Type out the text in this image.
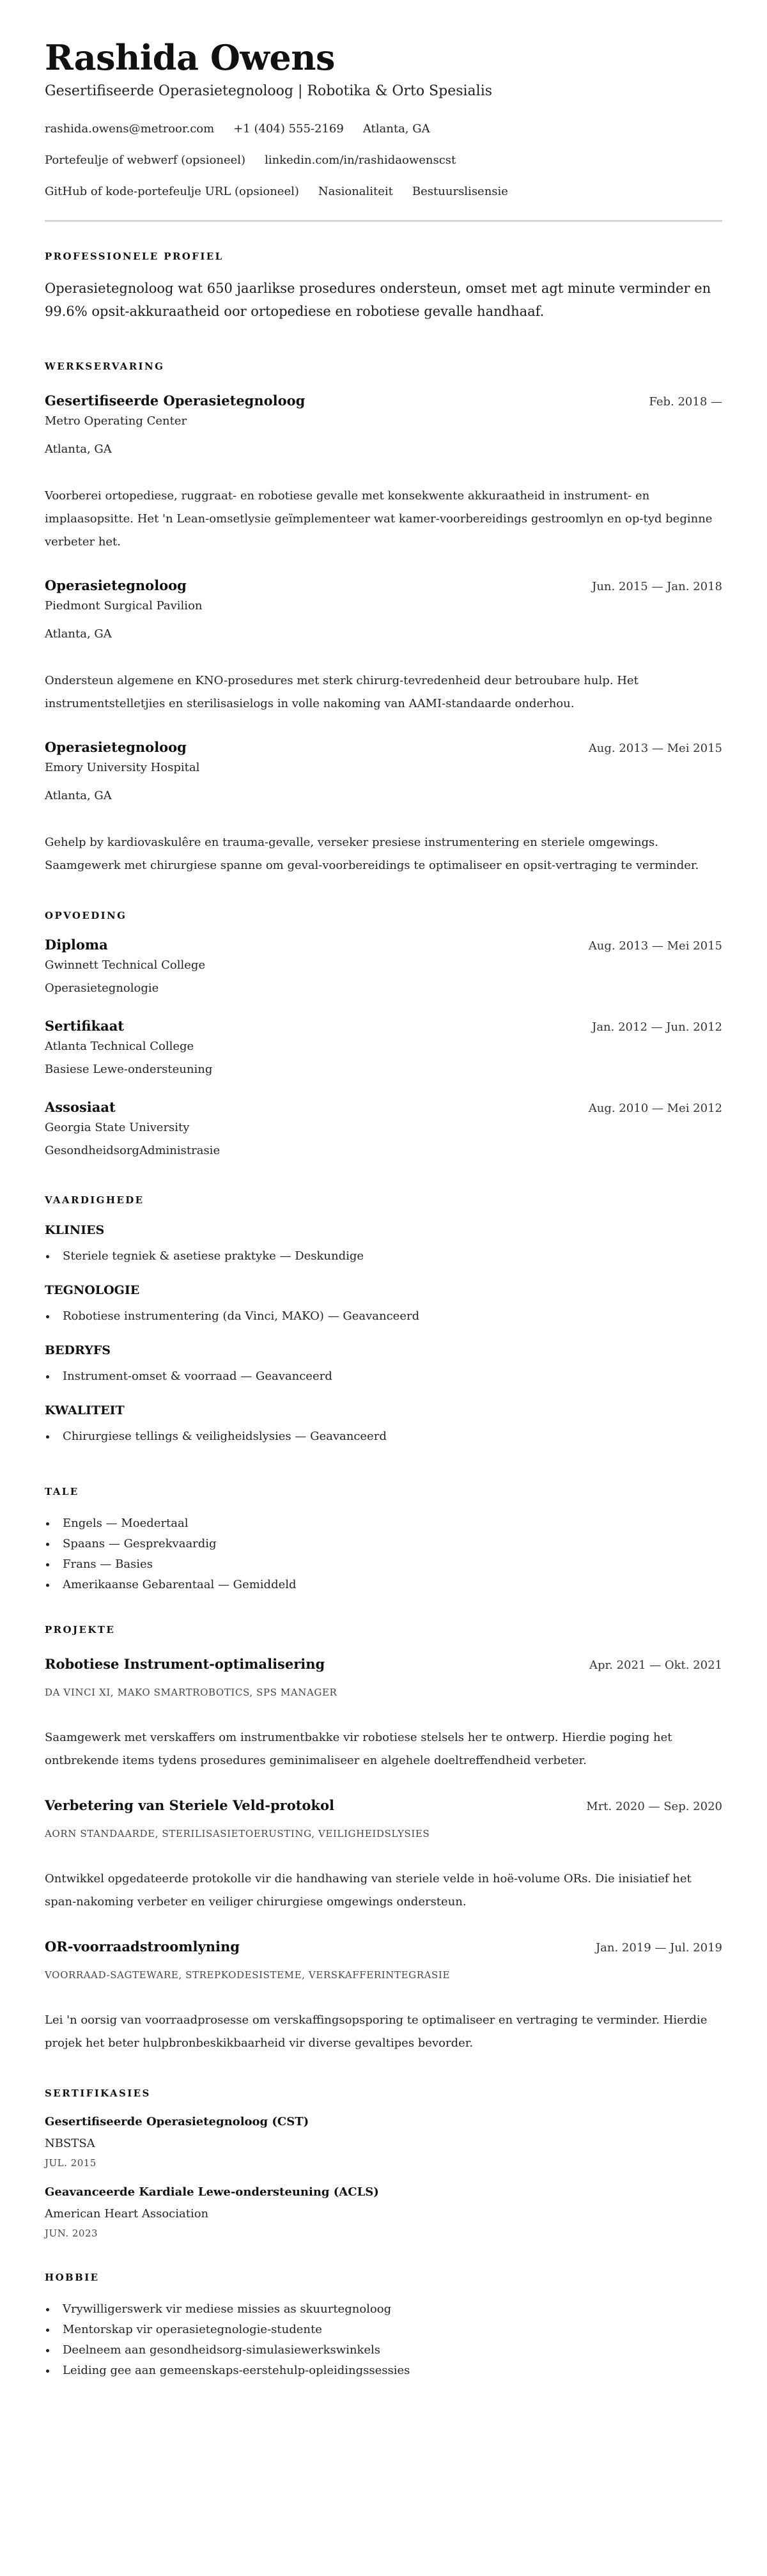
Rashida Owens
Gesertifiseerde Operasietegnoloog | Robotika & Orto Spesialis
rashida.owens@metroor.com +1 (404) 555-2169 Atlanta, GA
Portefeulje of webwerf (opsioneel) linkedin.com/in/rashidaowenscst
GitHub of kode-portefeulje URL (opsioneel) Nasionaliteit Bestuurslisensie
PROFESSIONELE PROFIEL

Operasietegnoloog wat 650 jaarlikse prosedures ondersteun, omset met agt minute verminder en 99.6% opsit-akkuraatheid oor ortopediese en robotiese gevalle handhaaf.

WERKSERVARING
Gesertifiseerde Operasietegnoloog	Feb. 2018 —
Metro Operating Center
Atlanta, GA

Voorberei ortopediese, ruggraat- en robotiese gevalle met konsekwente akkuraatheid in instrument- en implaasopsitte. Het 'n Lean-omsetlysie geïmplementeer wat kamer-voorbereidings gestroomlyn en op-tyd beginne verbeter het.

Operasietegnoloog	Jun. 2015 — Jan. 2018
Piedmont Surgical Pavilion
Atlanta, GA

Ondersteun algemene en KNO-prosedures met sterk chirurg-tevredenheid deur betroubare hulp. Het instrumentstelletjies en sterilisasielogs in volle nakoming van AAMI-standaarde onderhou.

Operasietegnoloog	Aug. 2013 — Mei 2015
Emory University Hospital
Atlanta, GA

Gehelp by kardiovaskulêre en trauma-gevalle, verseker presiese instrumentering en steriele omgewings. Saamgewerk met chirurgiese spanne om geval-voorbereidings te optimaliseer en opsit-vertraging te verminder.

OPVOEDING
Diploma	Aug. 2013 — Mei 2015
Gwinnett Technical College
Operasietegnologie
Sertifikaat	Jan. 2012 — Jun. 2012
Atlanta Technical College
Basiese Lewe-ondersteuning
Assosiaat	Aug. 2010 — Mei 2012
Georgia State University
GesondheidsorgAdministrasie
VAARDIGHEDE
KLINIES
Steriele tegniek & asetiese praktyke — Deskundige
TEGNOLOGIE
Robotiese instrumentering (da Vinci, MAKO) — Geavanceerd
BEDRYFS
Instrument-omset & voorraad — Geavanceerd
KWALITEIT
Chirurgiese tellings & veiligheidslysies — Geavanceerd
TALE
Engels — Moedertaal
Spaans — Gesprekvaardig
Frans — Basies
Amerikaanse Gebarentaal — Gemiddeld
PROJEKTE
Robotiese Instrument-optimalisering	Apr. 2021 — Okt. 2021
DA VINCI XI, MAKO SMARTROBOTICS, SPS MANAGER

Saamgewerk met verskaffers om instrumentbakke vir robotiese stelsels her te ontwerp. Hierdie poging het ontbrekende items tydens prosedures geminimaliseer en algehele doeltreffendheid verbeter.

Verbetering van Steriele Veld-protokol	Mrt. 2020 — Sep. 2020
AORN STANDAARDE, STERILISASIETOERUSTING, VEILIGHEIDSLYSIES

Ontwikkel opgedateerde protokolle vir die handhawing van steriele velde in hoë-volume ORs. Die inisiatief het span-nakoming verbeter en veiliger chirurgiese omgewings ondersteun.

OR-voorraadstroomlyning	Jan. 2019 — Jul. 2019
VOORRAAD-SAGTEWARE, STREPKODESISTEME, VERSKAFFERINTEGRASIE

Lei 'n oorsig van voorraadprosesse om verskaffingsopsporing te optimaliseer en vertraging te verminder. Hierdie projek het beter hulpbronbeskikbaarheid vir diverse gevaltipes bevorder.

SERTIFIKASIES
Gesertifiseerde Operasietegnoloog (CST)
NBSTSA
JUL. 2015
Geavanceerde Kardiale Lewe-ondersteuning (ACLS)
American Heart Association
JUN. 2023
HOBBIE
Vrywilligerswerk vir mediese missies as skuurtegnoloog
Mentorskap vir operasietegnologie-studente
Deelneem aan gesondheidsorg-simulasiewerkswinkels
Leiding gee aan gemeenskaps-eerstehulp-opleidingssessies
